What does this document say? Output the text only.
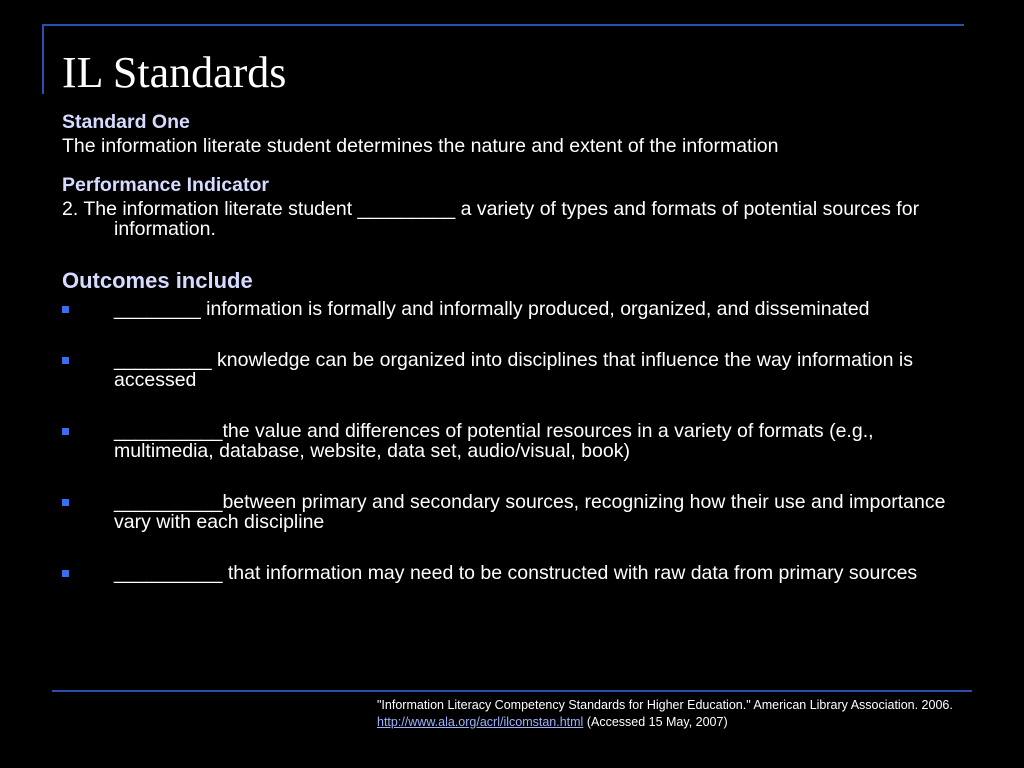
IL Standards

Standard One

The information literate student determines the nature and extent of the information

Performance Indicator

2. The information literate student _________ a variety of types and formats of potential sources for information.

Outcomes include

________ information is formally and informally produced, organized, and disseminated
_________ knowledge can be organized into disciplines that influence the way information is accessed
__________the value and differences of potential resources in a variety of formats (e.g., multimedia, database, website, data set, audio/visual, book)
__________between primary and secondary sources, recognizing how their use and importance vary with each discipline
__________ that information may need to be constructed with raw data from primary sources
"Information Literacy Competency Standards for Higher Education." American Library Association. 2006.
http://www.ala.org/acrl/ilcomstan.html (Accessed 15 May, 2007)
